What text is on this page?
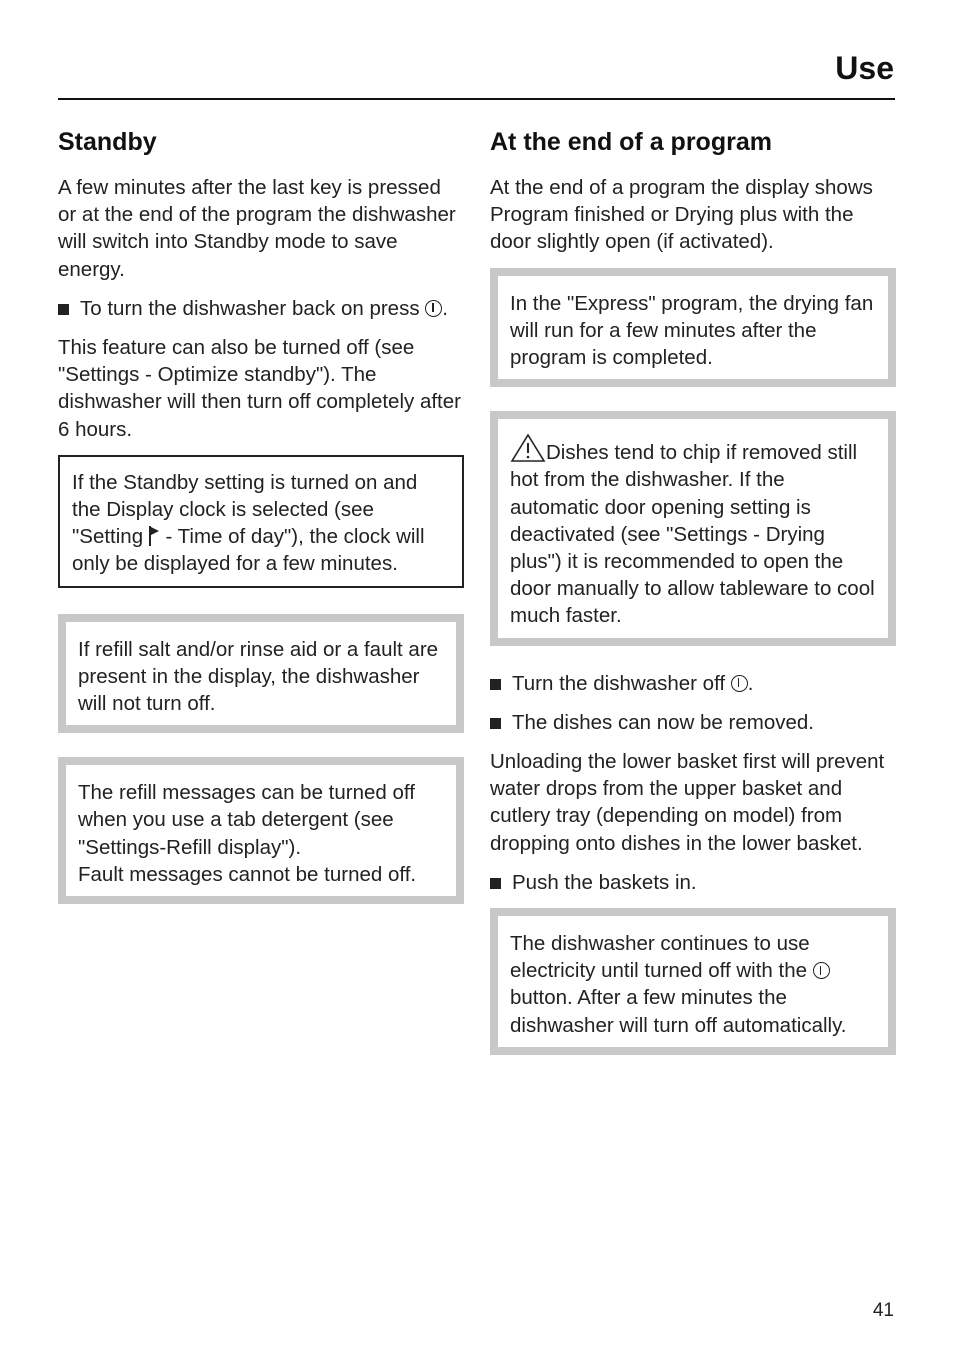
Use
Standby

A few minutes after the last key is pressed or at the end of the program the dishwasher will switch into Standby mode to save energy.

To turn the dishwasher back on press .

This feature can also be turned off (see "Settings - Optimize standby"). The dishwasher will then turn off completely after 6 hours.

If the Standby setting is turned on and the Display clock is selected (see "Setting  - Time of day"), the clock will only be displayed for a few minutes.

If refill salt and/or rinse aid or a fault are present in the display, the dishwasher will not turn off.

The refill messages can be turned off when you use a tab detergent (see "Settings-Refill display").

Fault messages cannot be turned off.

At the end of a program

At the end of a program the display shows Program finished or Drying plus with the door slightly open (if activated).

In the "Express" program, the drying fan will run for a few minutes after the program is completed.

Dishes tend to chip if removed still hot from the dishwasher. If the automatic door opening setting is deactivated (see "Settings - Drying plus") it is recommended to open the door manually to allow tableware to cool much faster.

Turn the dishwasher off .
The dishes can now be removed.

Unloading the lower basket first will prevent water drops from the upper basket and cutlery tray (depending on model) from dropping onto dishes in the lower basket.

Push the baskets in.

The dishwasher continues to use electricity until turned off with the  button. After a few minutes the dishwasher will turn off automatically.

41
